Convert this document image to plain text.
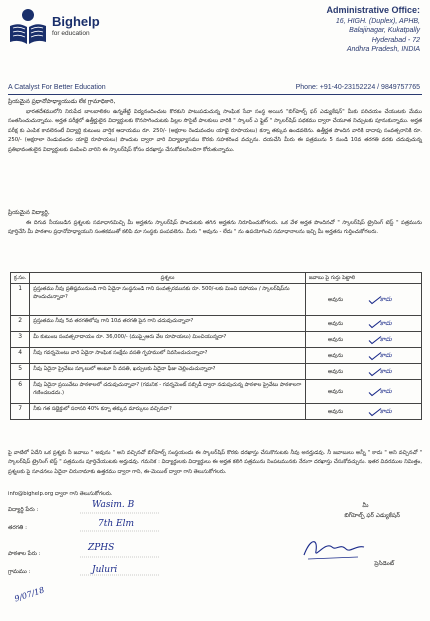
Bighelp
for education
Administrative Office:
16, HIGH. (Duplex), APHB,
Balajinagar, Kukatpally
Hyderabad - 72
Andhra Pradesh, INDIA
A Catalyst For Better Education	Phone: +91-40-23152224 / 9849757765
ప్రియమైన ప్రధానోపాధ్యాయుడు లేక గ్రామాధికారి,
భారతదేశములోని నిరుపేద బాలబాలికల ఉన్నతేట్టి విద్యనందించుట కొరకుని పాటుపడుచున్న సాంఘిక సేవా సంస్థ అయిన "బిగ్‌హెల్ప్ ఫర్ ఎడ్యుకేషన్" మీకు పరిచయం చేయుటకు మేము సంతసించుచున్నాము. అర్హత పరీక్షలో ఉత్తీర్ణులైన విద్యార్థులకు కొనసాగించుటకు పిల్లల సొసైటీ పాలకులు వారికి " స్కాలర్ ఎ ఫ్లైట్ " స్కాలర్‌షిప్ పథకము ద్వారా చేయూత నిచ్చుటకు పూనుకున్నాము. అర్హత పరీక్ష కు ఎంపిక కావలెనంటే విద్యార్థి కుటుంబ వార్షిక ఆదాయము రూ. 250/- (అక్షరాల రెండువందల యాభై రూపాయలు) కన్నా తక్కువ ఉండవలెను. ఉత్తీర్ణత పొందిన వారికి దాదాపు సంవత్సరానికి రూ. 250/- (అక్షరాలా రెండువందల యాభై రూపాయలు) పొందుట ద్వారా వారి విద్యాభ్యాసము కొరకు సహకరించ వచ్చును. దయచేసి మీరు ఈ పత్రమును 5 నుండి 10వ తరగతి వరకు చదువుచున్న ప్రతిభావంతులైన విద్యార్థులకు పంపించి వారిని ఈ స్కాలర్‌షిప్ కోసం దరఖాస్తు చేసుకోవలసిందిగా కోరుతున్నాము.
ప్రియమైన విద్యార్థి,
ఈ దిగువ నీయబడిన ప్రశ్నలకు సమాధానమిచ్చి మీ అర్హతను స్కాలర్‌షిప్ పొందుటకు తగిన అర్హతను నిరూపించుకోగలరు. ఒక వేళ అర్హత పొందినచో " స్కాలర్‌షిప్ ట్రైనింగ్ టెస్ట్ " పత్రమును పూర్తిచేసి మీ పాఠశాల ప్రధానోపాధ్యాయుని సంతకముతో కలిపి మా సంస్థకు పంపవలెను. మీరు " అవును - లేదు " ను ఉపయోగించి సమాధానాలను ఇచ్చి మీ అర్హతను గుర్తించుకోగలరు.
క్ర.సం.	ప్రశ్నలు	జవాబు పై గుర్తు పెట్టాలి
1	ప్రస్తుతము నీవు ప్రతిష్ఠమునుండి గాని ఏదైనా సంస్థనుండి గాని సంవత్సరమునకు రూ. 500/-లకు మించి సహాయం / స్కాలర్‌షిప్‌ను పొందుచున్నావా?	అవును కాదు

2	ప్రస్తుతము నీవు 5వ తరగతిలోపు గాని 10వ తరగతి పైన గాని చదువుచున్నావా?	అవును కాదు

3	మీ కుటుంబ సంవత్సరాదాయం రూ. 36,000/- (ముప్పైఆరు వేల రూపాయలు) మించియున్నదా?	అవును కాదు

4	నీవు గవర్నమెంటు వారి ఏదైనా సాంఘిక సంక్షేమ వసతి గృహములో నివసించుచున్నావా?	అవును కాదు

5	నీవు ఏదైనా ప్రైవేటు స్కూలులో అంటూ నీ వసతి, ఖర్చులకు ఏదైనా ఫీజు చెల్లించుచున్నావా?	అవును కాదు

6	నీవు ఏదైనా ప్రయివేటు పాఠశాలలో చదువుచున్నావా? (గమనిక - గవర్నమెంట్ సబ్సిడీ ద్వారా నడుపుచున్న పాఠశాల ప్రైవేటు పాఠశాలగా గణించబడదు.)	అవును కాదు

7	నీకు గత సబ్జెక్టులో సరాసరి 40% కన్నా తక్కువ మార్కులు వచ్చినవా?	అవును కాదు
పై వాటిలో ఏదేని ఒక ప్రశ్నకు నీ జవాబు " అవును " అని వచ్చినచో బిగ్‌హెల్ప్ సంస్థయందు ఈ స్కాలర్‌షిప్ కొరకు దరఖాస్తు చేసుకొనుటకు నీవు అనర్హుడవు. నీ జవాబులు అన్నీ " కాదు " అని వచ్చినచో " స్కాలర్‌షిప్ ట్రైనింగ్ టెస్ట్ " పత్రమును పూర్తిచేయుటకు అర్హుడవు. గమనిక : విద్యార్థులకు విద్యార్థులు ఈ అర్హత కలిగి పత్రమును నింపటమునకు నేరుగా దరఖాస్తు చేసుకోవచ్చును. ఇతర వివరముల నిమిత్తం, ప్రశ్నలకు పై సూచనలు ఏదైనా చిరునామాకు ఉత్తరము ద్వారా గాని, ఈ-మెయిల్ ద్వారా గాని తెలుసుకోగలరు.
info@bighelp.org ద్వారా గాని తెలుసుకోగలరు.
విద్యార్థి పేరు :	Wasim. B
తరగతి :	7th Elm
పాఠశాల పేరు :
ZPHS
గ్రామము :	Juluri
9/07/18
మీ
బిగ్‌హెల్ప్ ఫర్ ఎడ్యుకేషన్
ప్రెసిడెంట్
